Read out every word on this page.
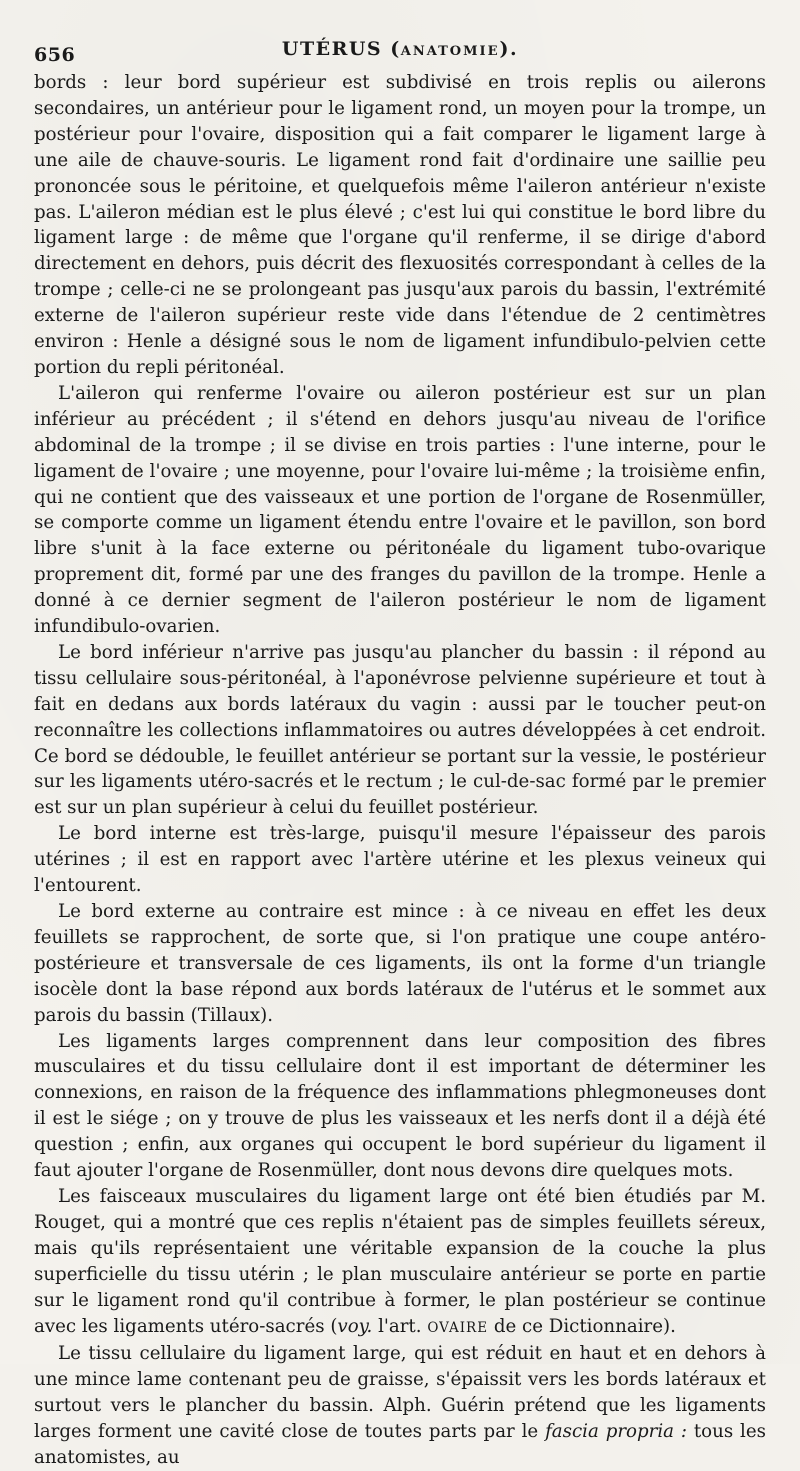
656	UTÉRUS (ANATOMIE).

bords : leur bord supérieur est subdivisé en trois replis ou ailerons secondaires, un antérieur pour le ligament rond, un moyen pour la trompe, un postérieur pour l'ovaire, disposition qui a fait comparer le ligament large à une aile de chauve-souris. Le ligament rond fait d'ordinaire une saillie peu prononcée sous le péritoine, et quelquefois même l'aileron antérieur n'existe pas. L'aileron médian est le plus élevé ; c'est lui qui constitue le bord libre du ligament large : de même que l'organe qu'il renferme, il se dirige d'abord directement en dehors, puis décrit des flexuosités correspondant à celles de la trompe ; celle-ci ne se prolongeant pas jusqu'aux parois du bassin, l'extrémité externe de l'aileron supérieur reste vide dans l'étendue de 2 centimètres environ : Henle a désigné sous le nom de ligament infundibulo-pelvien cette portion du repli péritonéal.

L'aileron qui renferme l'ovaire ou aileron postérieur est sur un plan inférieur au précédent ; il s'étend en dehors jusqu'au niveau de l'orifice abdominal de la trompe ; il se divise en trois parties : l'une interne, pour le ligament de l'ovaire ; une moyenne, pour l'ovaire lui-même ; la troisième enfin, qui ne contient que des vaisseaux et une portion de l'organe de Rosenmüller, se comporte comme un ligament étendu entre l'ovaire et le pavillon, son bord libre s'unit à la face externe ou péritonéale du ligament tubo-ovarique proprement dit, formé par une des franges du pavillon de la trompe. Henle a donné à ce dernier segment de l'aileron postérieur le nom de ligament infundibulo-ovarien.

Le bord inférieur n'arrive pas jusqu'au plancher du bassin : il répond au tissu cellulaire sous-péritonéal, à l'aponévrose pelvienne supérieure et tout à fait en dedans aux bords latéraux du vagin : aussi par le toucher peut-on reconnaître les collections inflammatoires ou autres développées à cet endroit. Ce bord se dédouble, le feuillet antérieur se portant sur la vessie, le postérieur sur les ligaments utéro-sacrés et le rectum ; le cul-de-sac formé par le premier est sur un plan supérieur à celui du feuillet postérieur.

Le bord interne est très-large, puisqu'il mesure l'épaisseur des parois utérines ; il est en rapport avec l'artère utérine et les plexus veineux qui l'entourent.

Le bord externe au contraire est mince : à ce niveau en effet les deux feuillets se rapprochent, de sorte que, si l'on pratique une coupe antéro-postérieure et transversale de ces ligaments, ils ont la forme d'un triangle isocèle dont la base répond aux bords latéraux de l'utérus et le sommet aux parois du bassin (Tillaux).

Les ligaments larges comprennent dans leur composition des fibres musculaires et du tissu cellulaire dont il est important de déterminer les connexions, en raison de la fréquence des inflammations phlegmoneuses dont il est le siége ; on y trouve de plus les vaisseaux et les nerfs dont il a déjà été question ; enfin, aux organes qui occupent le bord supérieur du ligament il faut ajouter l'organe de Rosenmüller, dont nous devons dire quelques mots.

Les faisceaux musculaires du ligament large ont été bien étudiés par M. Rouget, qui a montré que ces replis n'étaient pas de simples feuillets séreux, mais qu'ils représentaient une véritable expansion de la couche la plus superficielle du tissu utérin ; le plan musculaire antérieur se porte en partie sur le ligament rond qu'il contribue à former, le plan postérieur se continue avec les ligaments utéro-sacrés (voy. l'art. OVAIRE de ce Dictionnaire).

Le tissu cellulaire du ligament large, qui est réduit en haut et en dehors à une mince lame contenant peu de graisse, s'épaissit vers les bords latéraux et surtout vers le plancher du bassin. Alph. Guérin prétend que les ligaments larges forment une cavité close de toutes parts par le fascia propria : tous les anatomistes, au
